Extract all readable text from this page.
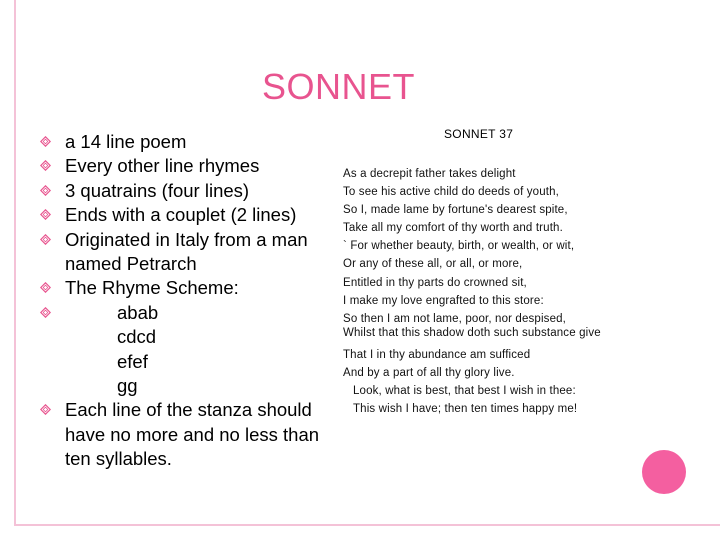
SONNET
a 14 line poem
Every other line rhymes
3 quatrains (four lines)
Ends with a couplet (2 lines)
Originated in Italy from a man named Petrarch
The Rhyme Scheme:
abab
cdcd
efef
gg
Each line of the stanza should have no more and no less than ten syllables.
SONNET 37
As a decrepit father takes delight
To see his active child do deeds of youth,
So I, made lame by fortune's dearest spite,
Take all my comfort of thy worth and truth.
` For whether beauty, birth, or wealth, or wit,
Or any of these all, or all, or more,
Entitled in thy parts do crowned sit,
I make my love engrafted to this store:
So then I am not lame, poor, nor despised,
Whilst that this shadow doth such substance give
That I in thy abundance am sufficed
And by a part of all thy glory live.
Look, what is best, that best I wish in thee:
This wish I have; then ten times happy me!
